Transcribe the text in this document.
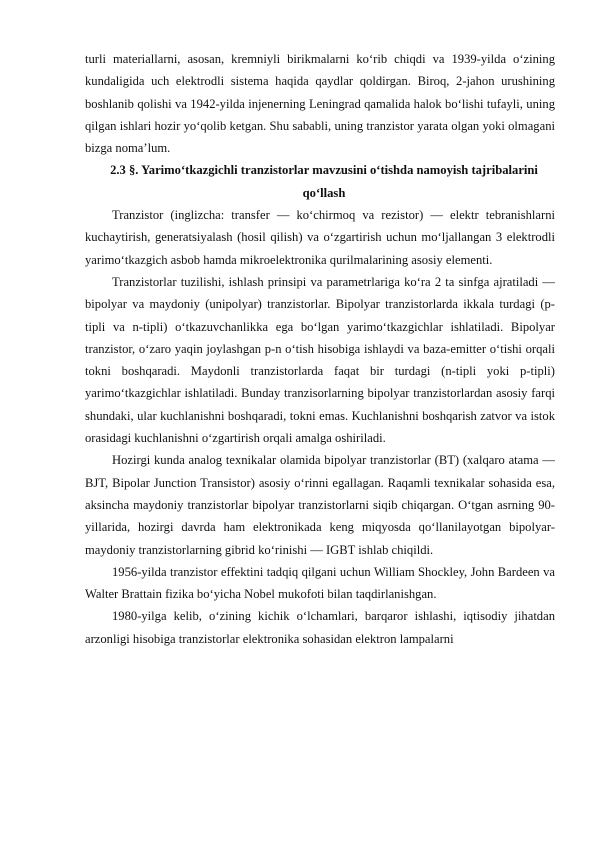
turli materiallarni, asosan, kremniyli birikmalarni ko‘rib chiqdi va 1939-yilda o‘zining kundaligida uch elektrodli sistema haqida qaydlar qoldirgan. Biroq, 2-jahon urushining boshlanib qolishi va 1942-yilda injenerning Leningrad qamalida halok bo‘lishi tufayli, uning qilgan ishlari hozir yo‘qolib ketgan. Shu sababli, uning tranzistor yarata olgan yoki olmagani bizga noma’lum.

2.3 §. Yarimo‘tkazgichli tranzistorlar mavzusini o‘tishda namoyish tajribalarini qo‘llash

Tranzistor (inglizcha: transfer — ko‘chirmoq va rezistor) — elektr tebranishlarni kuchaytirish, generatsiyalash (hosil qilish) va o‘zgartirish uchun mo‘ljallangan 3 elektrodli yarimo‘tkazgich asbob hamda mikroelektronika qurilmalarining asosiy elementi.

Tranzistorlar tuzilishi, ishlash prinsipi va parametrlariga ko‘ra 2 ta sinfga ajratiladi — bipolyar va maydoniy (unipolyar) tranzistorlar. Bipolyar tranzistorlarda ikkala turdagi (p-tipli va n-tipli) o‘tkazuvchanlikka ega bo‘lgan yarimo‘tkazgichlar ishlatiladi. Bipolyar tranzistor, o‘zaro yaqin joylashgan p-n o‘tish hisobiga ishlaydi va baza-emitter o‘tishi orqali tokni boshqaradi. Maydonli tranzistorlarda faqat bir turdagi (n-tipli yoki p-tipli) yarimo‘tkazgichlar ishlatiladi. Bunday tranzisorlarning bipolyar tranzistorlardan asosiy farqi shundaki, ular kuchlanishni boshqaradi, tokni emas. Kuchlanishni boshqarish zatvor va istok orasidagi kuchlanishni o‘zgartirish orqali amalga oshiriladi.

Hozirgi kunda analog texnikalar olamida bipolyar tranzistorlar (BT) (xalqaro atama — BJT, Bipolar Junction Transistor) asosiy o‘rinni egallagan. Raqamli texnikalar sohasida esa, aksincha maydoniy tranzistorlar bipolyar tranzistorlarni siqib chiqargan. O‘tgan asrning 90-yillarida, hozirgi davrda ham elektronikada keng miqyosda qo‘llanilayotgan bipolyar-maydoniy tranzistorlarning gibrid ko‘rinishi — IGBT ishlab chiqildi.

1956-yilda tranzistor effektini tadqiq qilgani uchun William Shockley, John Bardeen va Walter Brattain fizika bo‘yicha Nobel mukofoti bilan taqdirlanishgan.

1980-yilga kelib, o‘zining kichik o‘lchamlari, barqaror ishlashi, iqtisodiy jihatdan arzonligi hisobiga tranzistorlar elektronika sohasidan elektron lampalarni
